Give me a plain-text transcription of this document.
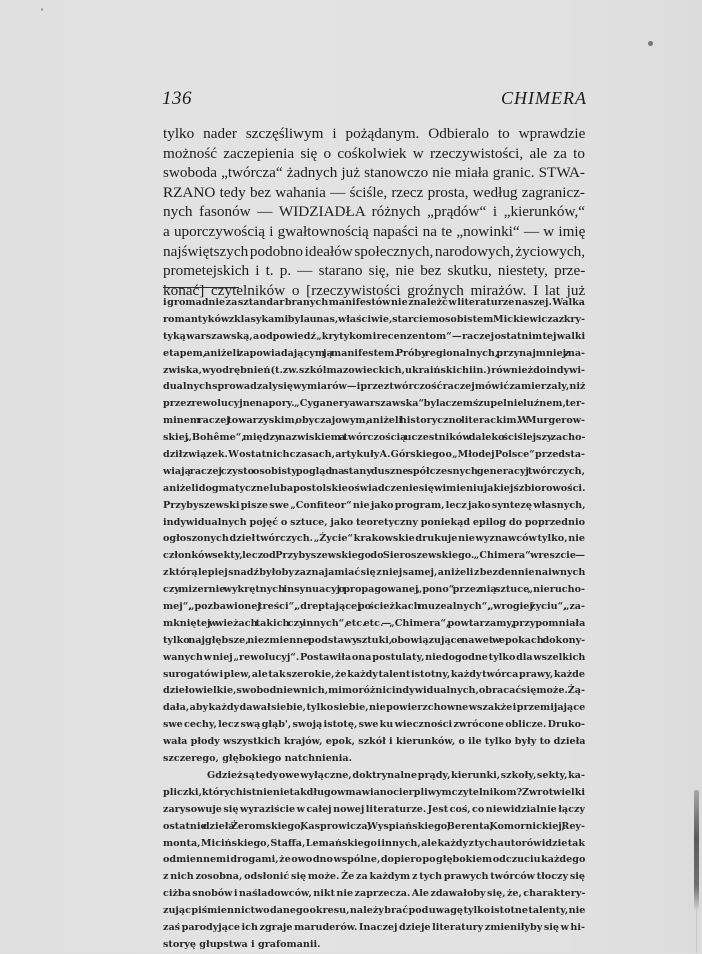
136	CHIMERA
tylko nader szczęśliwym i pożądanym. Odbieralo to wprawdzie
możność zaczepienia się o cośkolwiek w rzeczywistości, ale za to
swoboda „twórcza“ żadnych już stanowczo nie miała granic. STWA-
RZANO tedy bez wahania — ściśle, rzecz prosta, według zagranicz-
nych fasonów — WIDZIADŁA różnych „prądów“ i „kierunków,“
a uporczywością i gwałtownością napaści na te „nowinki“ — w imię
najświętszych podobno ideałów społecznych, narodowych, życiowych,
prometejskich i t. p. — starano się, nie bez skutku, niestety, prze-
konać] czytelników o [rzeczywistości groźnych mirażów. I lat już
i gromadnie za sztandar branych manifestów nie znależć w literaturze naszej. Walka
romantyków z klasykami byla u nas, właściwie, starciem osobistem Mickiewicza z kry-
tyką warszawską, a odpowiedź „krytykom i recenzentom“ — raczej ostatnim tej walki
etapem, aniżeli zapowiadającym ją manifestem. Próby regionalnych, przynajmniej z na-
zwiska, wyodrębnień (t. zw. szkól mazowieckich, ukraińskich i in.) również do indywi-
dualnych sprowadzaly się wymiarów — i przez twórczość raczej mówić zamierzaly, niż
przez rewolucyjne napory. „Cyganerya warszawska“ byla czemś zupelnie luźnem, ter-
minem raczej towarzyskim, obyczajowym, aniżeli historyczno - literackim. W Murgerow-
skiej „Bohême“, między nazwiskiem a twórczością uczestników daleko ściślejszy zacho-
dził związek. W ostatnich czasach, artykuły A. Górskiego o „Młodej Polsce“ przedsta-
wiają raczej czysto osobisty pogląd na stany duszne spółczesnych generacyj twórczych,
aniżeli dogmatyczne lub apostolskie oświadczenie się w imieniu jakiejś zbiorowości.
Przybyszewski pisze swe „Confiteor“ nie jako program, lecz jako syntezę własnych,
indywidualnych pojęć o sztuce, jako teoretyczny poniekąd epilog do poprzednio
ogłoszonych dzieł twórczych. „Życie“ krakowskie drukuje nie wyznawców tylko, nie
członków sekty, lecz od Przybyszewskiego do Sieroszewskiego. „Chimera“ wreszcie —
z którą lepiej snadź byłoby zaznajamiać się z niej samej, aniżeli z bezdennie naiwnych
czy mizernie wykrętnych insynuacyj o propagowanej „pono“ przez nią sztuce „nierucho-
mej“, „pozbawionej treści“, „dreptającej po ścieżkach muzealnych“, „wrogiej życiu“, „za-
mkniętej w wieżach takich czy innych“, etc. etc. — „Chimera“, powtarzamy, przypomniała
tylko najgłębsze, niezmienne podstawy sztuki, obowiązujące nawet w epokach dokony-
wanych w niej „rewolucyj“. Postawiła ona postulaty, niedogodne tylko dla wszelkich
surogatów i plew, ale tak szerokie, że każdy talent istotny, każdy twórca prawy, każde
dzieło wielkie, swobodnie w nich, mimo różnic indywidualnych, obracać się może. Żą-
dała, aby każdy dawał siebie, tylko siebie, nie powierzchowne wszakże i przemijające
swe cechy, lecz swą głąb', swoją istotę, swe ku wieczności zwrócone oblicze. Druko-
wała płody wszystkich krajów, epok, szkół i kierunków, o ile tylko były to dzieła
szczerego, głębokiego natchnienia.
Gdzież są tedy owe wyłączne, doktrynalne prądy, kierunki, szkoły, sekty, ka-
pliczki, których istnienie tak długo wmawiano cierpliwym czytelnikom? Zwrot wielki
zarysowuje się wyraziście w całej nowej literaturze. Jest coś, co niewidzialnie łączy
ostatnie dzieła Żeromskiego, Kasprowicza, Wyspiańskiego, Berenta, Komornickiej, Rey-
monta, Micińskiego, Staffa, Lemańskiego i innych, ale każdy z tych autorów idzie tak
odmiennemi drogami, że owo dno wspólne, dopiero po głębokiem odczuciu każdego
z nich zosobna, odsłonić się może. Że za każdym z tych prawych twórców tłoczy się
ciżba snobów i naśladowców, nikt nie zaprzecza. Ale zdawałoby się, że, charaktery-
zując piśmiennictwo danego okresu, należy brać pod uwagę tylko istotne talenty, nie
zaś parodyjące ich zgraje maruderów. Inaczej dzieje literatury zmieniłyby się w hi-
storyę głupstwa i grafomanii.
